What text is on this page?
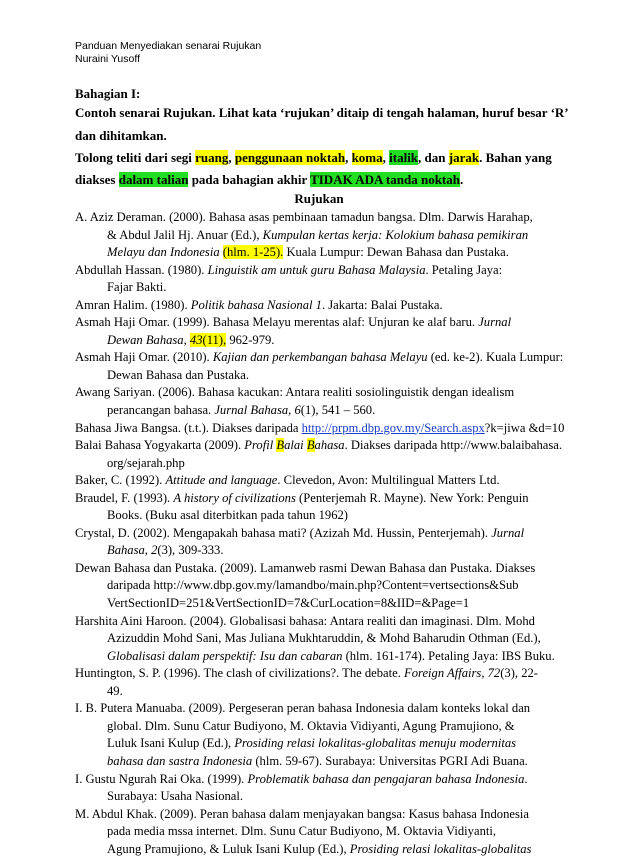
Panduan Menyediakan senarai Rujukan
Nuraini Yusoff
Bahagian I:
Contoh senarai Rujukan. Lihat kata ‘rujukan’ ditaip di tengah halaman, huruf besar ‘R’
dan dihitamkan.
Tolong teliti dari segi ruang, penggunaan noktah, koma, italik, dan jarak. Bahan yang
diakses dalam talian pada bahagian akhir TIDAK ADA tanda noktah.
Rujukan
A. Aziz Deraman. (2000). Bahasa asas pembinaan tamadun bangsa. Dlm. Darwis Harahap,
& Abdul Jalil Hj. Anuar (Ed.), Kumpulan kertas kerja: Kolokium bahasa pemikiran
Melayu dan Indonesia (hlm. 1-25). Kuala Lumpur: Dewan Bahasa dan Pustaka.
Abdullah Hassan. (1980). Linguistik am untuk guru Bahasa Malaysia. Petaling Jaya:
Fajar Bakti.
Amran Halim. (1980). Politik bahasa Nasional 1. Jakarta: Balai Pustaka.
Asmah Haji Omar. (1999). Bahasa Melayu merentas alaf: Unjuran ke alaf baru. Jurnal
Dewan Bahasa, 43(11), 962-979.
Asmah Haji Omar. (2010). Kajian dan perkembangan bahasa Melayu (ed. ke-2). Kuala Lumpur:
Dewan Bahasa dan Pustaka.
Awang Sariyan. (2006). Bahasa kacukan: Antara realiti sosiolinguistik dengan idealism
perancangan bahasa. Jurnal Bahasa, 6(1), 541 – 560.
Bahasa Jiwa Bangsa. (t.t.). Diakses daripada http://prpm.dbp.gov.my/Search.aspx?k=jiwa &d=10
Balai Bahasa Yogyakarta (2009). Profil Balai Bahasa. Diakses daripada http://www.balaibahasa.
org/sejarah.php
Baker, C. (1992). Attitude and language. Clevedon, Avon: Multilingual Matters Ltd.
Braudel, F. (1993). A history of civilizations (Penterjemah R. Mayne). New York: Penguin
Books. (Buku asal diterbitkan pada tahun 1962)
Crystal, D. (2002). Mengapakah bahasa mati? (Azizah Md. Hussin, Penterjemah). Jurnal
Bahasa, 2(3), 309-333.
Dewan Bahasa dan Pustaka. (2009). Lamanweb rasmi Dewan Bahasa dan Pustaka. Diakses
daripada http://www.dbp.gov.my/lamandbo/main.php?Content=vertsections&Sub
VertSectionID=251&VertSectionID=7&CurLocation=8&IID=&Page=1
Harshita Aini Haroon. (2004). Globalisasi bahasa: Antara realiti dan imaginasi. Dlm. Mohd
Azizuddin Mohd Sani, Mas Juliana Mukhtaruddin, & Mohd Baharudin Othman (Ed.),
Globalisasi dalam perspektif: Isu dan cabaran (hlm. 161-174). Petaling Jaya: IBS Buku.
Huntington, S. P. (1996). The clash of civilizations?. The debate. Foreign Affairs, 72(3), 22-
49.
I. B. Putera Manuaba. (2009). Pergeseran peran bahasa Indonesia dalam konteks lokal dan
global. Dlm. Sunu Catur Budiyono, M. Oktavia Vidiyanti, Agung Pramujiono, &
Luluk Isani Kulup (Ed.), Prosiding relasi lokalitas-globalitas menuju modernitas
bahasa dan sastra Indonesia (hlm. 59-67). Surabaya: Universitas PGRI Adi Buana.
I. Gustu Ngurah Rai Oka. (1999). Problematik bahasa dan pengajaran bahasa Indonesia.
Surabaya: Usaha Nasional.
M. Abdul Khak. (2009). Peran bahasa dalam menjayakan bangsa: Kasus bahasa Indonesia
pada media mssa internet. Dlm. Sunu Catur Budiyono, M. Oktavia Vidiyanti,
Agung Pramujiono, & Luluk Isani Kulup (Ed.), Prosiding relasi lokalitas-globalitas
